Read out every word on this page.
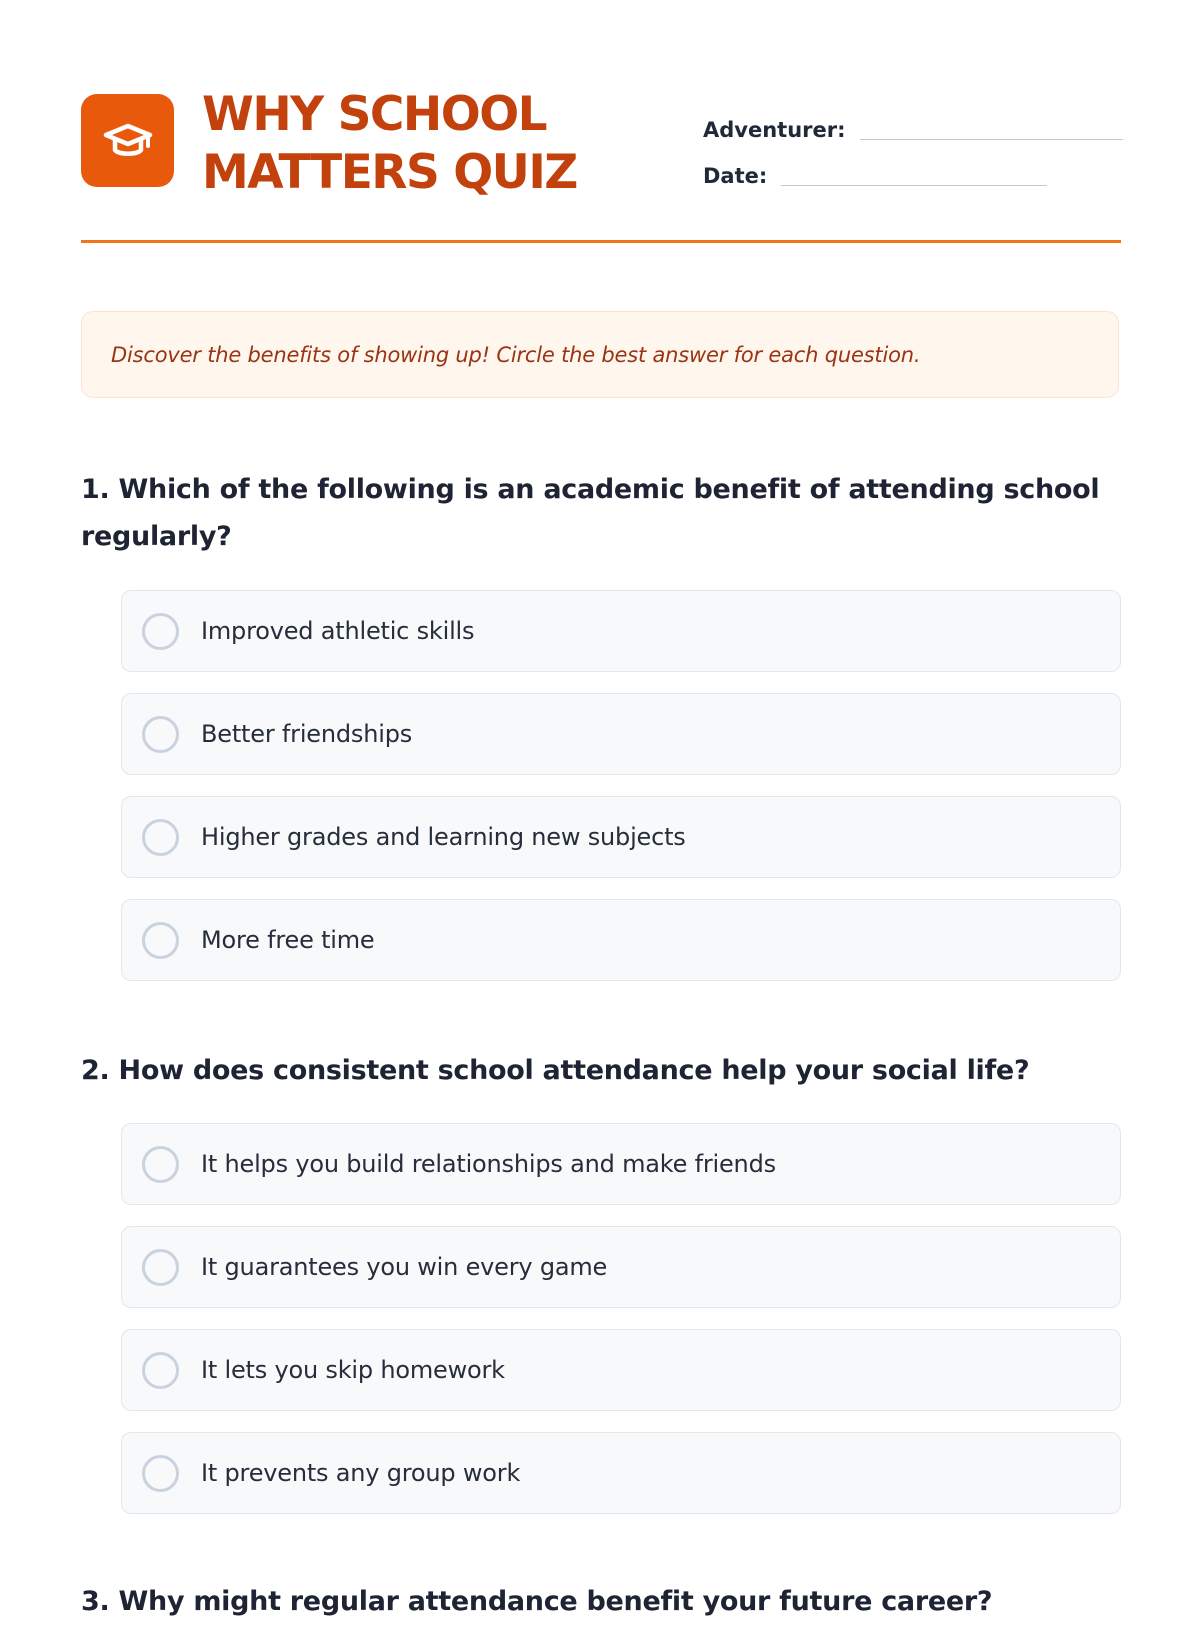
WHY SCHOOL MATTERS QUIZ
Adventurer:
Date:
Discover the benefits of showing up! Circle the best answer for each question.

1. Which of the following is an academic benefit of attending school regularly?

Improved athletic skills
Better friendships
Higher grades and learning new subjects
More free time

2. How does consistent school attendance help your social life?

It helps you build relationships and make friends
It guarantees you win every game
It lets you skip homework
It prevents any group work

3. Why might regular attendance benefit your future career?
